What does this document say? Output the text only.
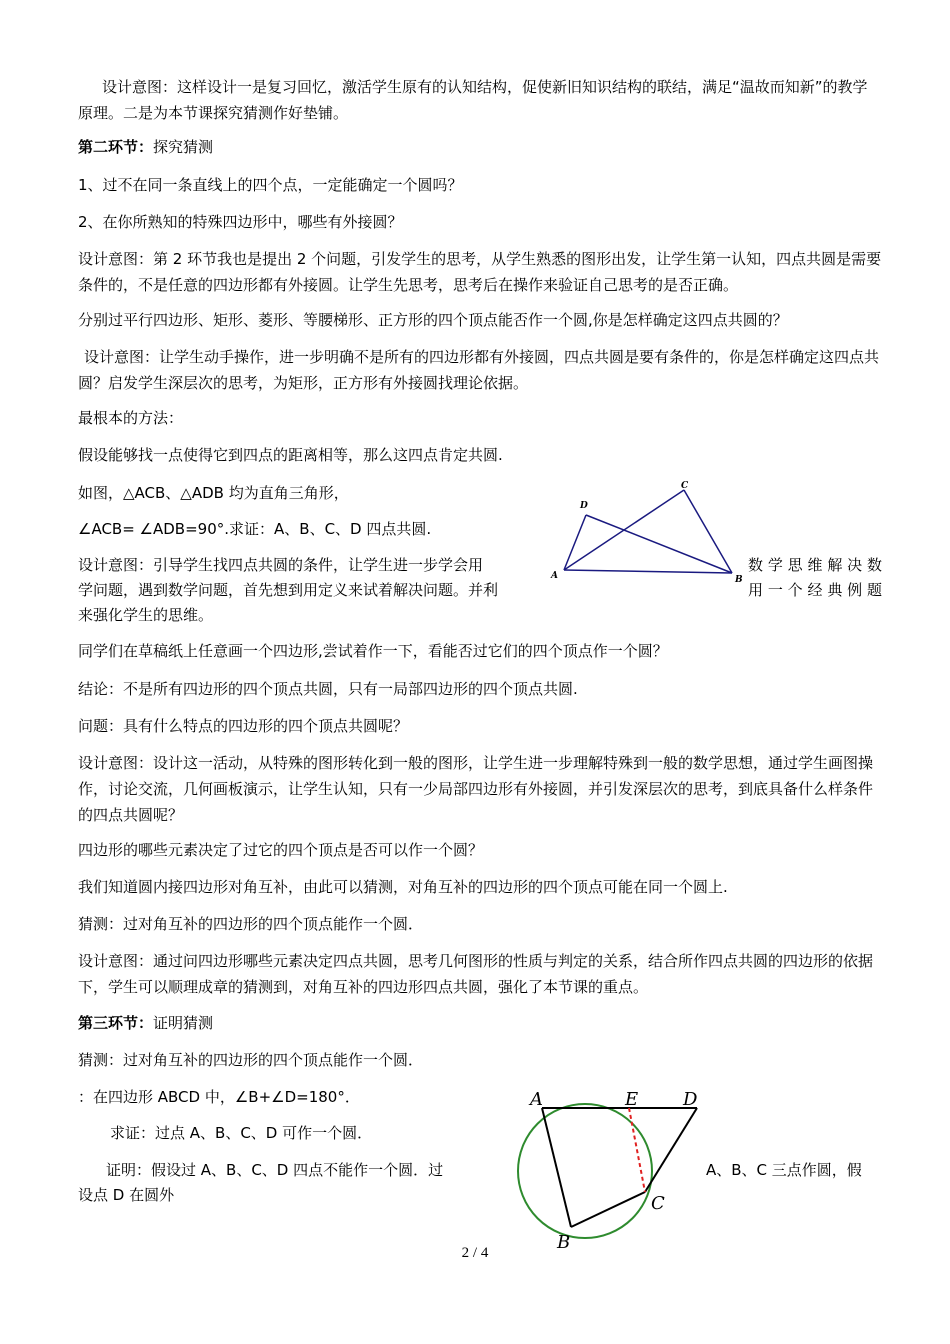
设计意图：这样设计一是复习回忆，激活学生原有的认知结构，促使新旧知识结构的联结，满足“温故而知新”的教学原理。二是为本节课探究猜测作好垫铺。

第二环节：探究猜测

1、过不在同一条直线上的四个点，一定能确定一个圆吗？

2、在你所熟知的特殊四边形中，哪些有外接圆？

设计意图：第 2 环节我也是提出 2 个问题，引发学生的思考，从学生熟悉的图形出发，让学生第一认知，四点共圆是需要条件的，不是任意的四边形都有外接圆。让学生先思考，思考后在操作来验证自己思考的是否正确。

分别过平行四边形、矩形、菱形、等腰梯形、正方形的四个顶点能否作一个圆,你是怎样确定这四点共圆的？

设计意图：让学生动手操作，进一步明确不是所有的四边形都有外接圆，四点共圆是要有条件的，你是怎样确定这四点共圆？启发学生深层次的思考，为矩形，正方形有外接圆找理论依据。

最根本的方法：

假设能够找一点使得它到四点的距离相等，那么这四点肯定共圆.

如图，△ACB、△ADB 均为直角三角形，

∠ACB= ∠ADB=90°.求证：A、B、C、D 四点共圆.

设计意图：引导学生找四点共圆的条件，让学生进一步学会用	数学思维解决数

学问题，遇到数学问题，首先想到用定义来试着解决问题。并利	用一个经典例题

来强化学生的思维。

A	B
C
D

同学们在草稿纸上任意画一个四边形,尝试着作一下，看能否过它们的四个顶点作一个圆？

结论：不是所有四边形的四个顶点共圆，只有一局部四边形的四个顶点共圆.

问题：具有什么特点的四边形的四个顶点共圆呢？

设计意图：设计这一活动，从特殊的图形转化到一般的图形，让学生进一步理解特殊到一般的数学思想，通过学生画图操作，讨论交流，几何画板演示，让学生认知，只有一少局部四边形有外接圆，并引发深层次的思考，到底具备什么样条件的四点共圆呢？

四边形的哪些元素决定了过它的四个顶点是否可以作一个圆？

我们知道圆内接四边形对角互补，由此可以猜测，对角互补的四边形的四个顶点可能在同一个圆上.

猜测：过对角互补的四边形的四个顶点能作一个圆．

设计意图：通过问四边形哪些元素决定四点共圆，思考几何图形的性质与判定的关系，结合所作四点共圆的四边形的依据下，学生可以顺理成章的猜测到，对角互补的四边形四点共圆，强化了本节课的重点。

第三环节：证明猜测

猜测：过对角互补的四边形的四个顶点能作一个圆．

：在四边形 ABCD 中，∠B+∠D=180°．

求证：过点 A、B、C、D 可作一个圆．

证明：假设过 A、B、C、D 四点不能作一个圆．过	A、B、C 三点作圆，假

设点 D 在圆外

A
B
C
D
E
2 / 4
